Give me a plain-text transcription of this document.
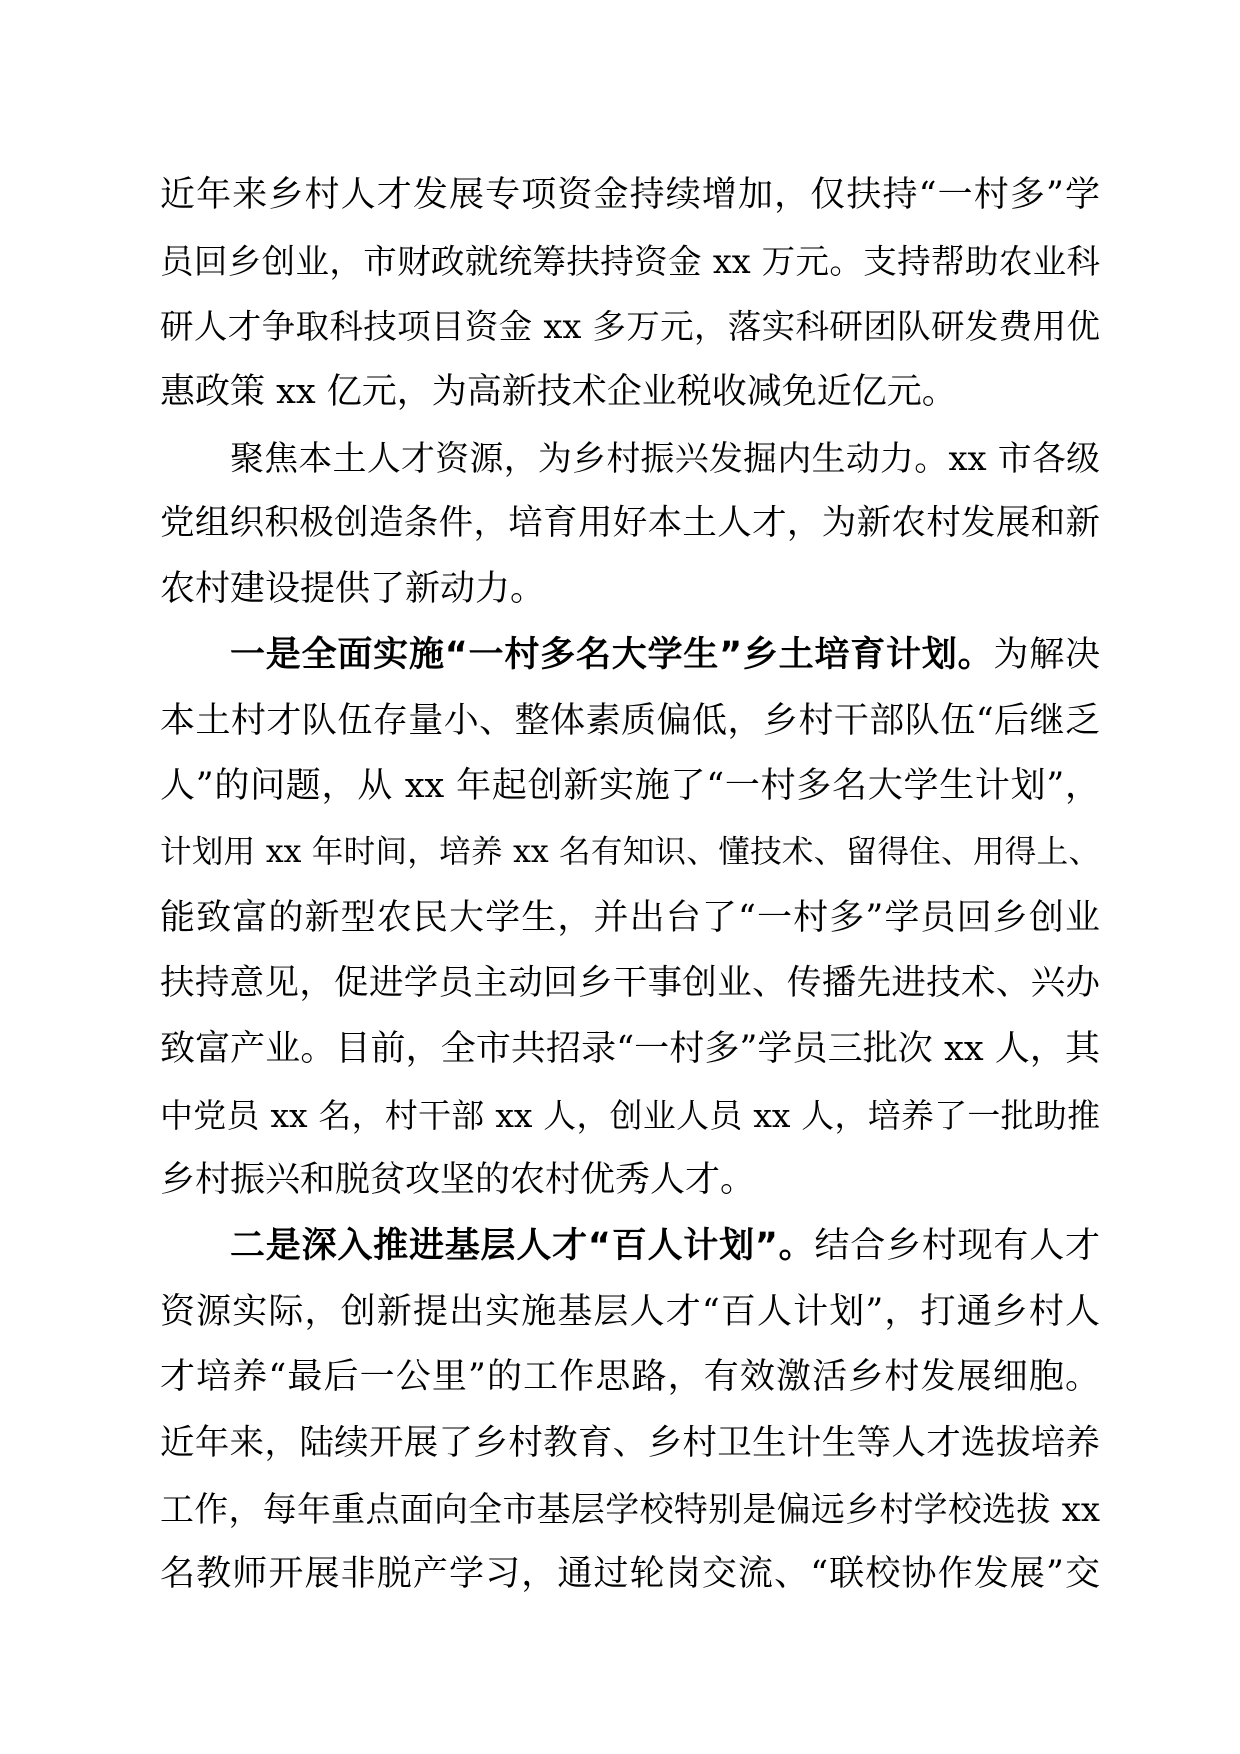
近年来乡村人才发展专项资金持续增加，仅扶持“一村多”学
员回乡创业，市财政就统筹扶持资金 xx 万元。支持帮助农业科
研人才争取科技项目资金 xx 多万元，落实科研团队研发费用优
惠政策 xx 亿元，为高新技术企业税收减免近亿元。
聚焦本土人才资源，为乡村振兴发掘内生动力。xx 市各级
党组织积极创造条件，培育用好本土人才，为新农村发展和新
农村建设提供了新动力。
一是全面实施“一村多名大学生”乡土培育计划。为解决
本土村才队伍存量小、整体素质偏低，乡村干部队伍“后继乏
人”的问题，从 xx 年起创新实施了“一村多名大学生计划”，
计划用 xx 年时间，培养 xx 名有知识、懂技术、留得住、用得上、
能致富的新型农民大学生，并出台了“一村多”学员回乡创业
扶持意见，促进学员主动回乡干事创业、传播先进技术、兴办
致富产业。目前，全市共招录“一村多”学员三批次 xx 人，其
中党员 xx 名，村干部 xx 人，创业人员 xx 人，培养了一批助推
乡村振兴和脱贫攻坚的农村优秀人才。
二是深入推进基层人才“百人计划”。结合乡村现有人才
资源实际，创新提出实施基层人才“百人计划”，打通乡村人
才培养“最后一公里”的工作思路，有效激活乡村发展细胞。
近年来，陆续开展了乡村教育、乡村卫生计生等人才选拔培养
工作，每年重点面向全市基层学校特别是偏远乡村学校选拔 xx
名教师开展非脱产学习，通过轮岗交流、“联校协作发展”交
